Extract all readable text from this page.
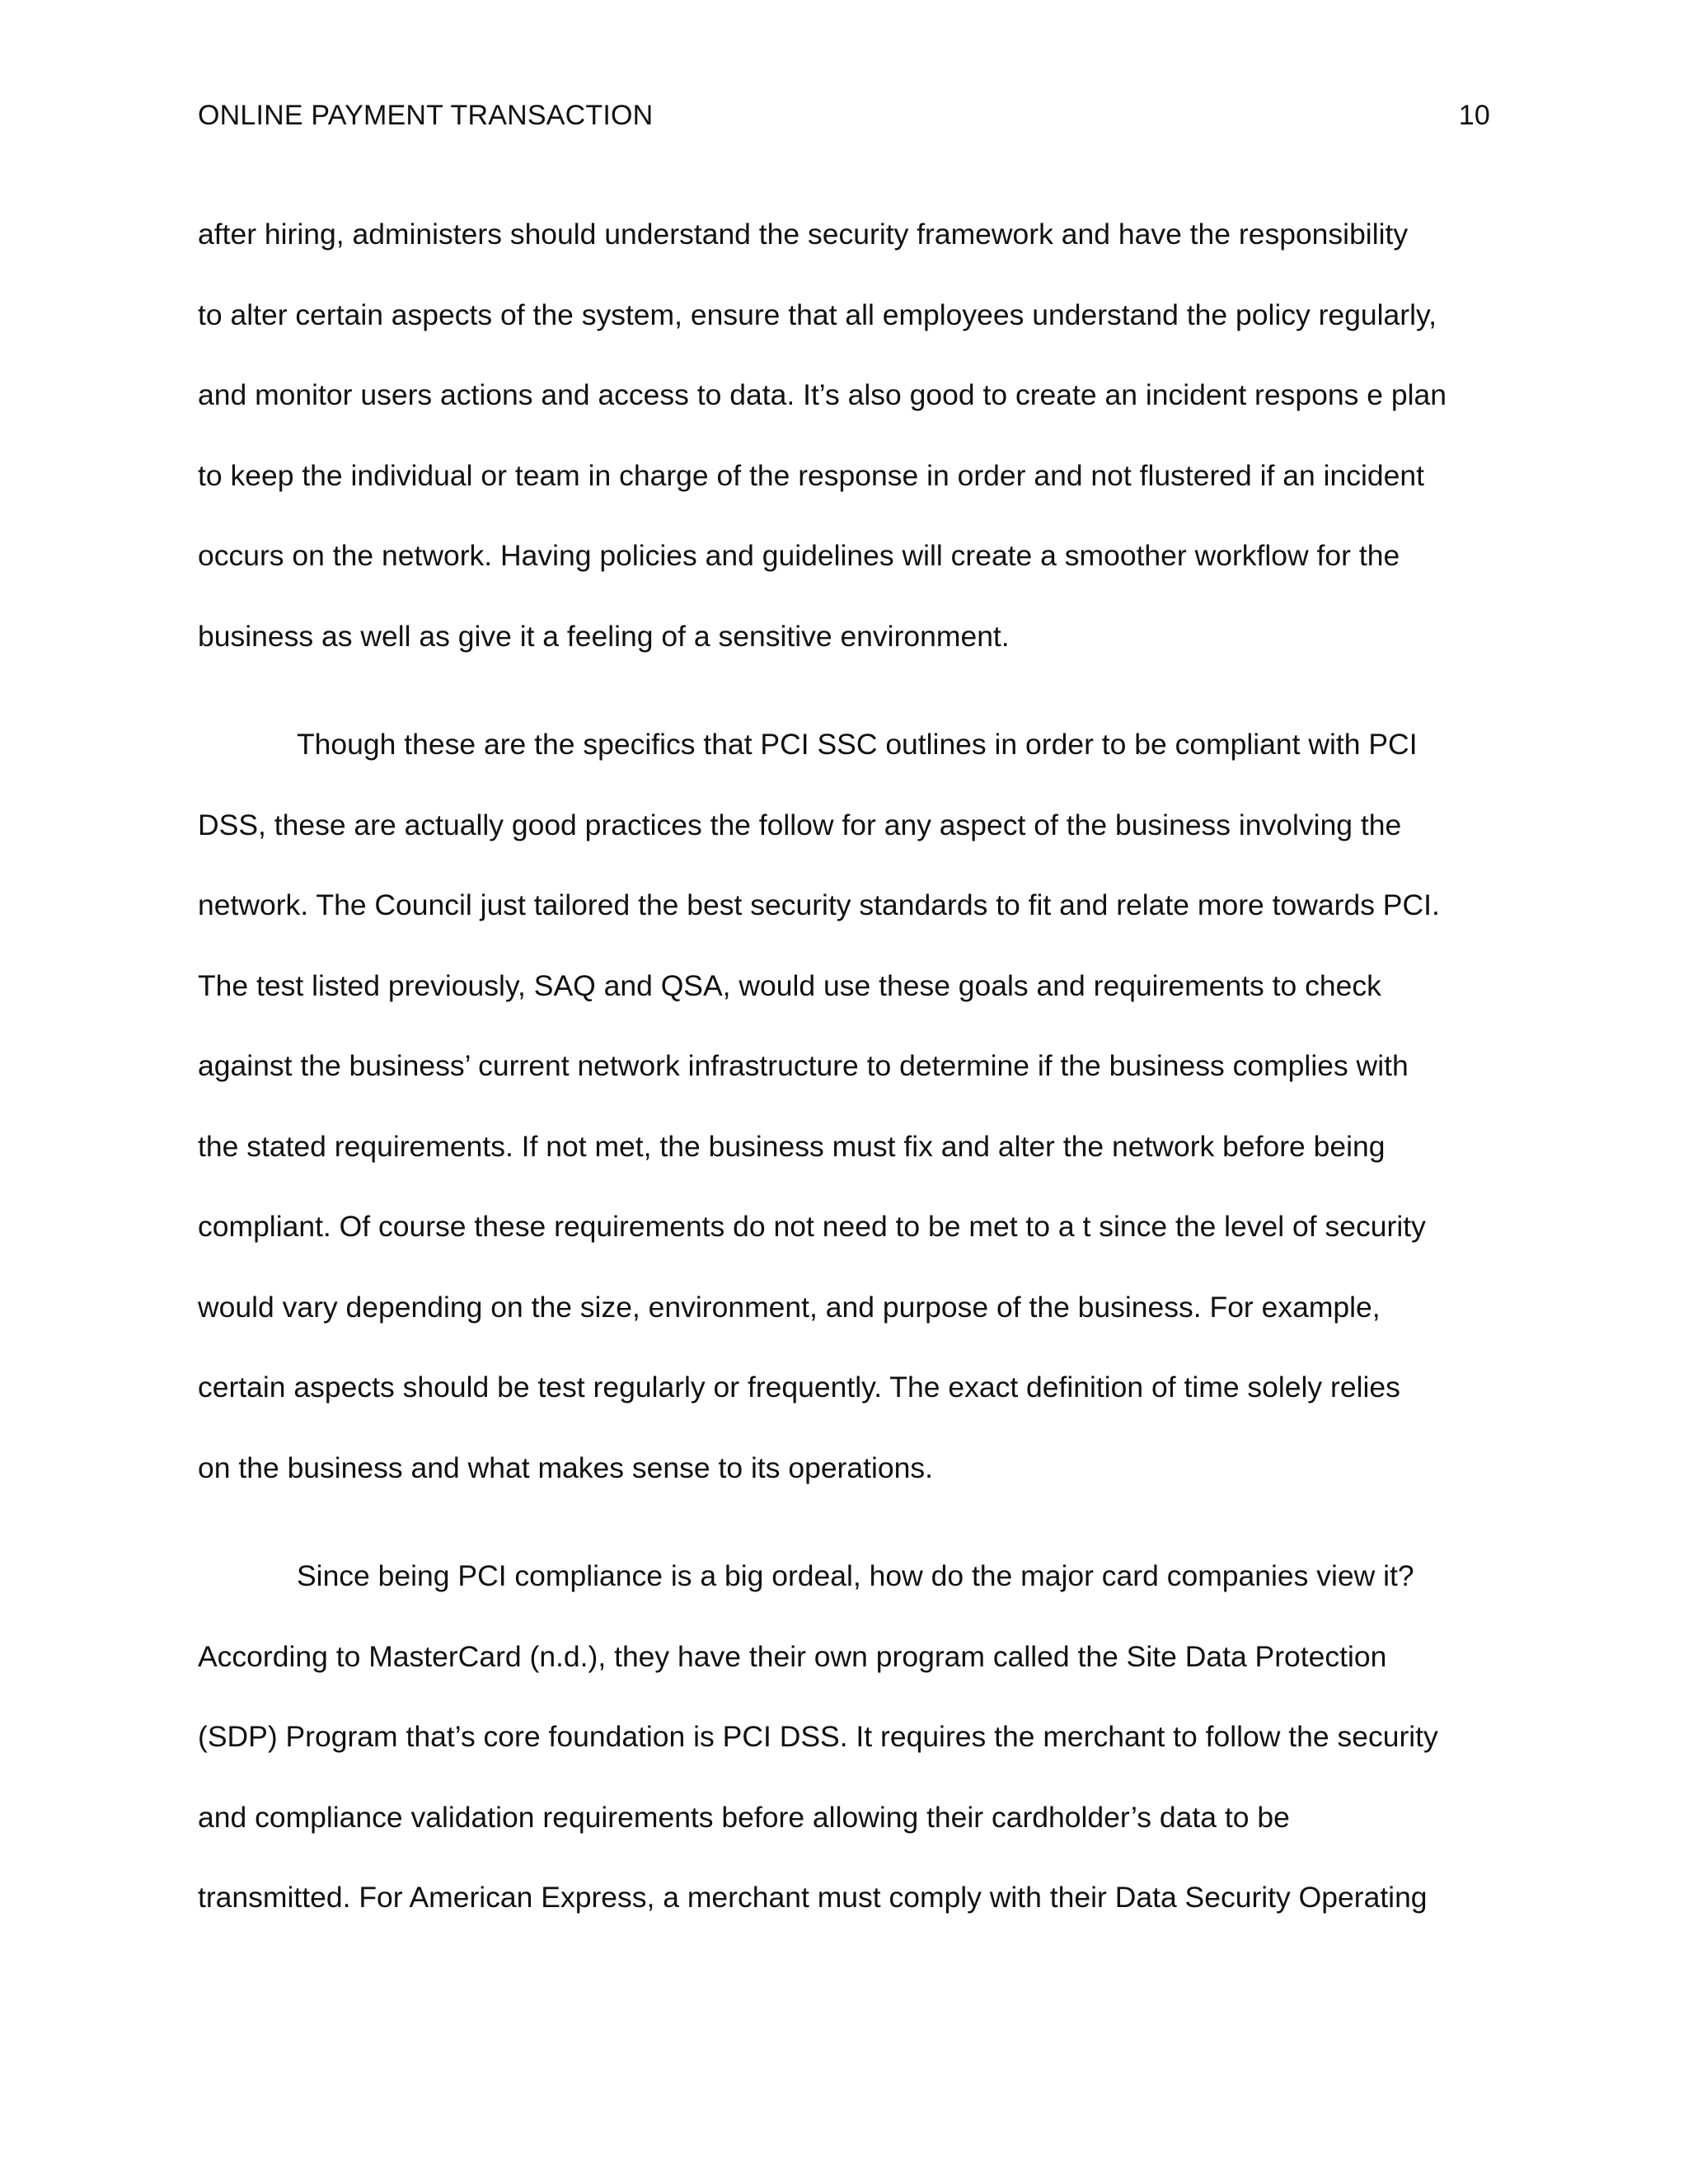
ONLINE PAYMENT TRANSACTION	10

after hiring, administers should understand the security framework and have the responsibility
to alter certain aspects of the system, ensure that all employees understand the policy regularly,
and monitor users actions and access to data. It’s also good to create an incident respons e plan
to keep the individual or team in charge of the response in order and not flustered if an incident
occurs on the network. Having policies and guidelines will create a smoother workflow for the
business as well as give it a feeling of a sensitive environment.

Though these are the specifics that PCI SSC outlines in order to be compliant with PCI
DSS, these are actually good practices the follow for any aspect of the business involving the
network. The Council just tailored the best security standards to fit and relate more towards PCI.
The test listed previously, SAQ and QSA, would use these goals and requirements to check
against the business’ current network infrastructure to determine if the business complies with
the stated requirements. If not met, the business must fix and alter the network before being
compliant. Of course these requirements do not need to be met to a t since the level of security
would vary depending on the size, environment, and purpose of the business. For example,
certain aspects should be test regularly or frequently. The exact definition of time solely relies
on the business and what makes sense to its operations.

Since being PCI compliance is a big ordeal, how do the major card companies view it?
According to MasterCard (n.d.), they have their own program called the Site Data Protection
(SDP) Program that’s core foundation is PCI DSS. It requires the merchant to follow the security
and compliance validation requirements before allowing their cardholder’s data to be
transmitted. For American Express, a merchant must comply with their Data Security Operating
